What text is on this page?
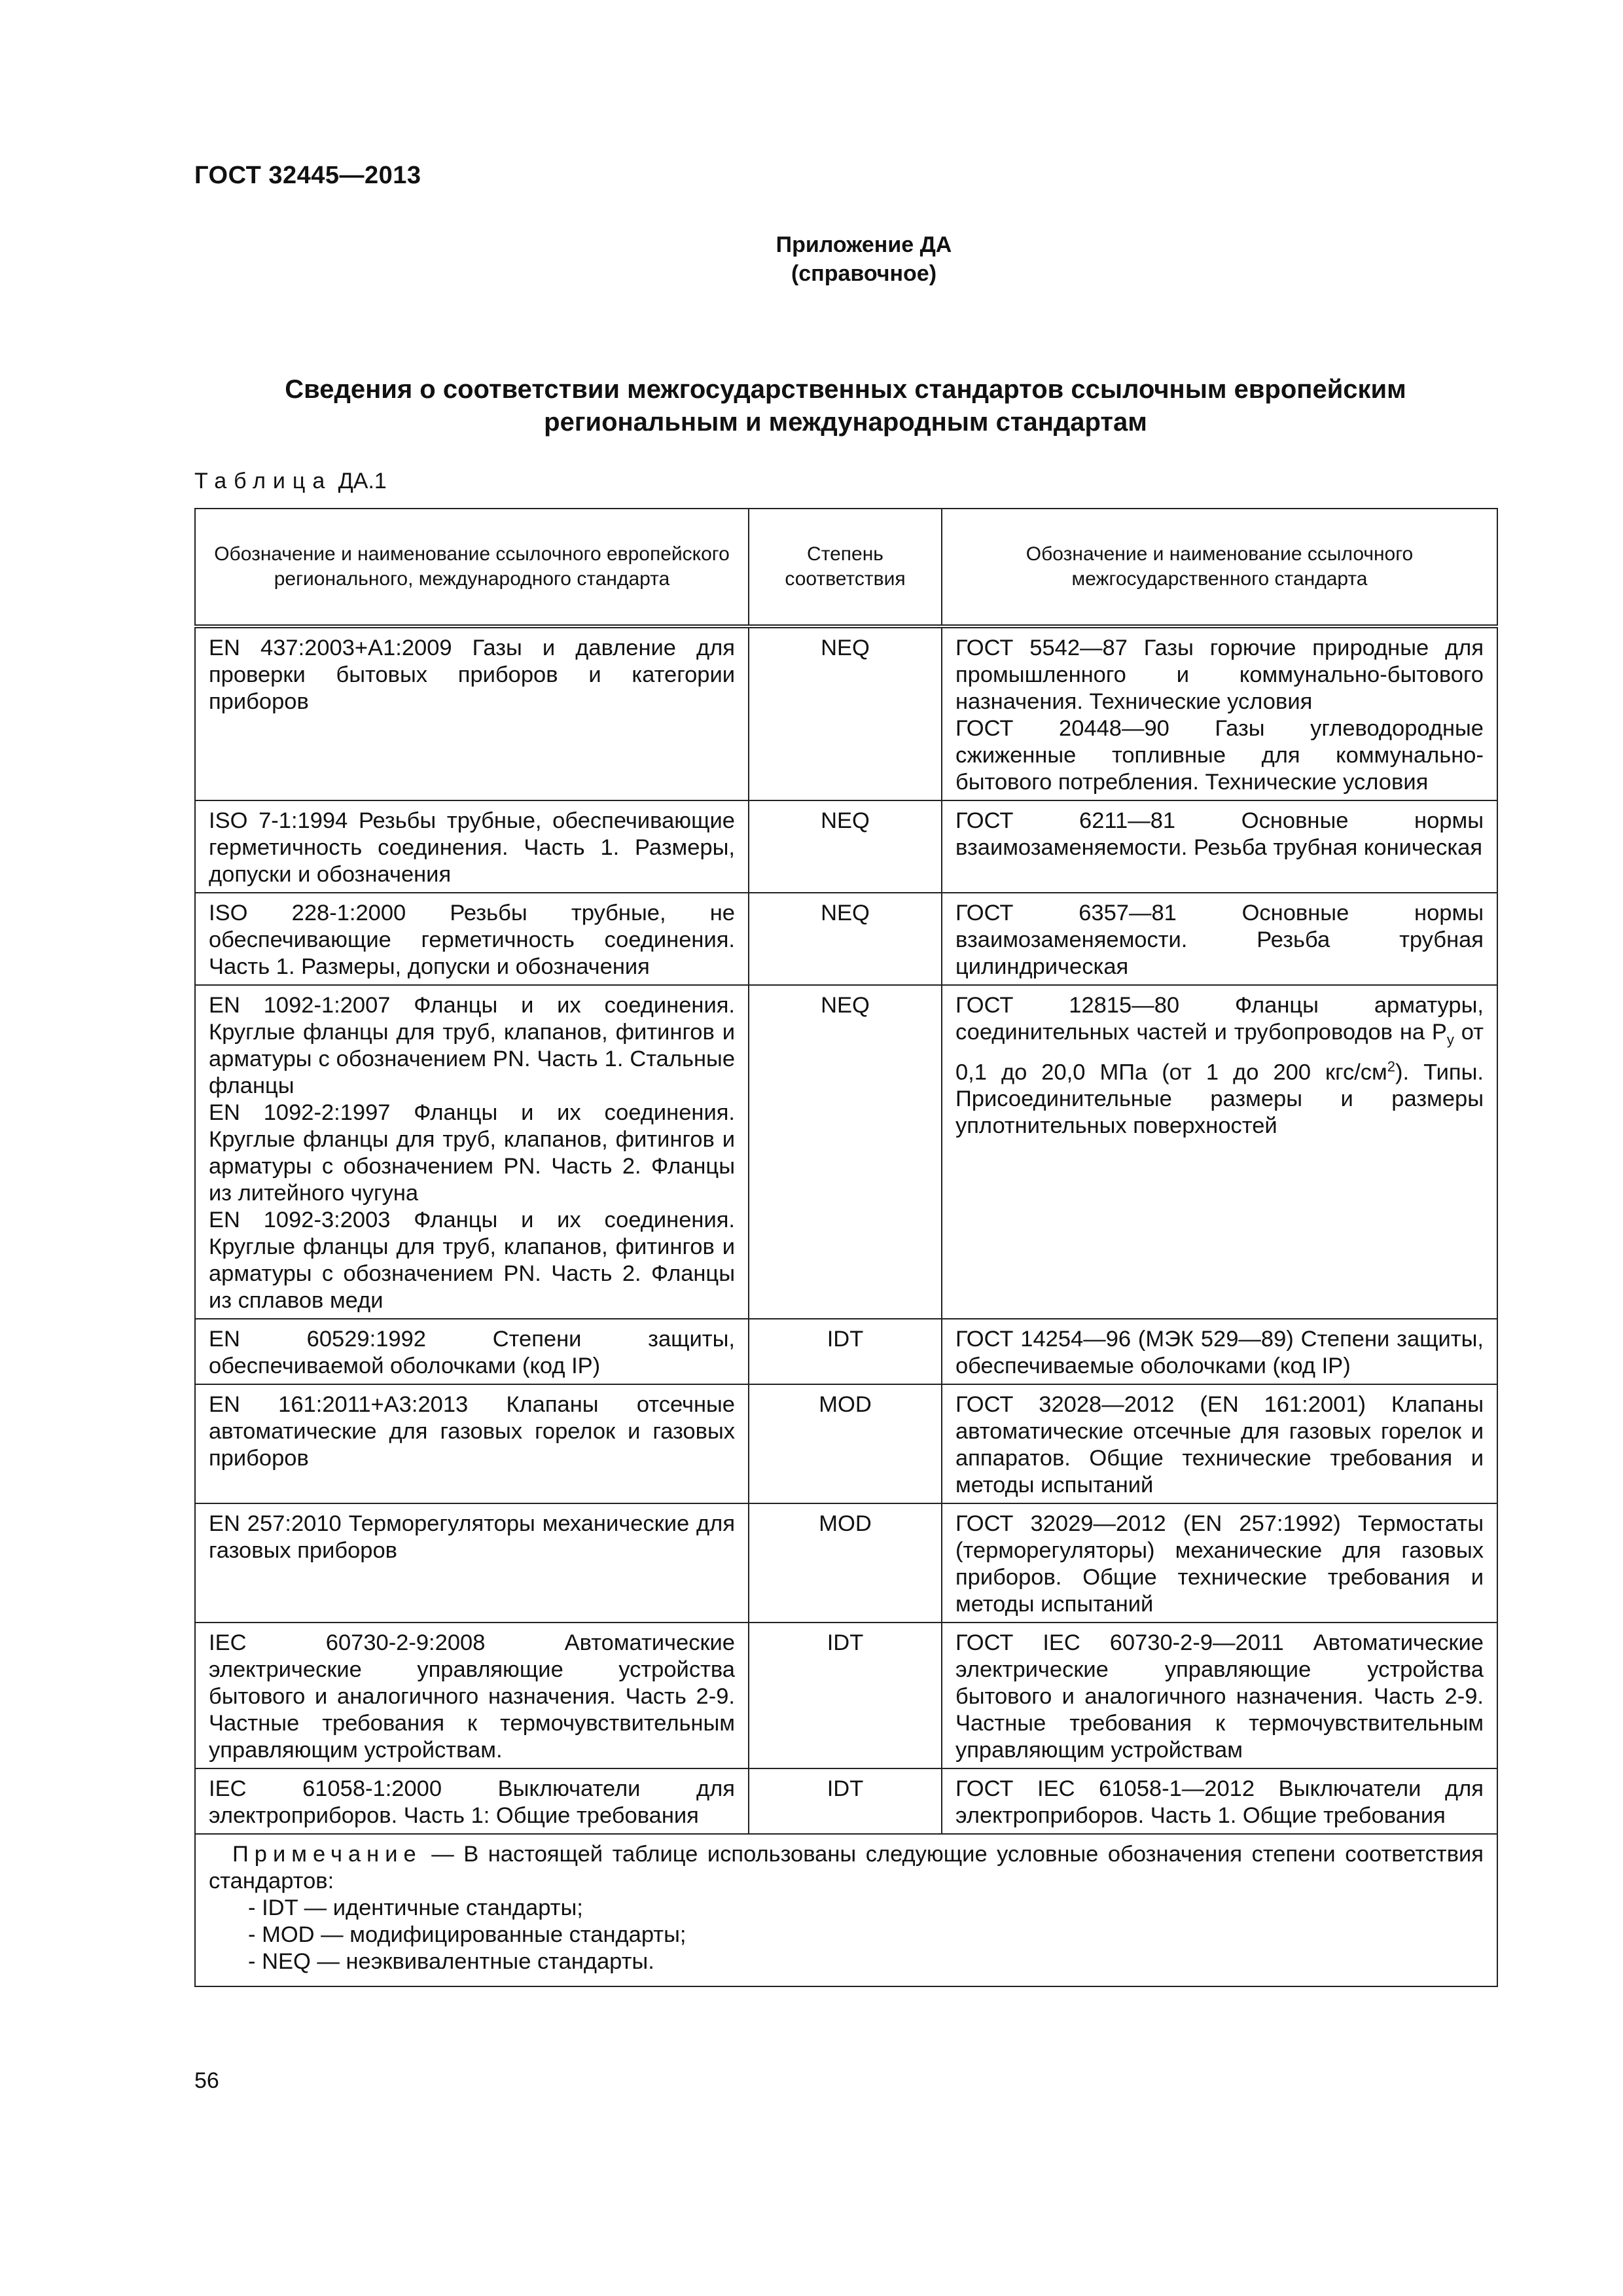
ГОСТ 32445—2013
Приложение ДА
(справочное)
Сведения о соответствии межгосударственных стандартов ссылочным европейским
региональным и международным стандартам
Таблица ДА.1
Обозначение и наименование ссылочного европейского регионального, международного стандарта	Степень соответствия	Обозначение и наименование ссылочного межгосударственного стандарта

EN 437:2003+A1:2009 Газы и давление для проверки бытовых приборов и категории приборов	NEQ	ГОСТ 5542—87 Газы горючие природные для промышленного и коммунально-бытового назначения. Технические условия
ГОСТ 20448—90 Газы углеводородные сжиженные топливные для коммунально-бытового потребления. Технические условия

ISO 7-1:1994 Резьбы трубные, обеспечивающие герметичность соединения. Часть 1. Размеры, допуски и обозначения	NEQ	ГОСТ 6211—81 Основные нормы взаимозаменяемости. Резьба трубная коническая

ISO 228-1:2000 Резьбы трубные, не обеспечивающие герметичность соединения. Часть 1. Размеры, допуски и обозначения	NEQ	ГОСТ 6357—81 Основные нормы взаимозаменяемости. Резьба трубная цилиндрическая

EN 1092-1:2007 Фланцы и их соединения. Круглые фланцы для труб, клапанов, фитингов и арматуры с обозначением PN. Часть 1. Стальные фланцы
EN 1092-2:1997 Фланцы и их соединения. Круглые фланцы для труб, клапанов, фитингов и арматуры с обозначением PN. Часть 2. Фланцы из литейного чугуна
EN 1092-3:2003 Фланцы и их соединения. Круглые фланцы для труб, клапанов, фитингов и арматуры с обозначением PN. Часть 2. Фланцы из сплавов меди	NEQ	ГОСТ 12815—80 Фланцы арматуры, соединительных частей и трубопроводов на $P_у$ от 0,1 до 20,0 МПа (от 1 до 200 кгс/$см^2$). Типы. Присоединительные размеры и размеры уплотнительных поверхностей

EN 60529:1992 Степени защиты, обеспечиваемой оболочками (код IP)	IDT	ГОСТ 14254—96 (МЭК 529—89) Степени защиты, обеспечиваемые оболочками (код IP)

EN 161:2011+A3:2013 Клапаны отсечные автоматические для газовых горелок и газовых приборов	MOD	ГОСТ 32028—2012 (EN 161:2001) Клапаны автоматические отсечные для газовых горелок и аппаратов. Общие технические требования и методы испытаний

EN 257:2010 Терморегуляторы механические для газовых приборов	MOD	ГОСТ 32029—2012 (EN 257:1992) Термостаты (терморегуляторы) механические для газовых приборов. Общие технические требования и методы испытаний

IEC 60730-2-9:2008 Автоматические электрические управляющие устройства бытового и аналогичного назначения. Часть 2-9. Частные требования к термочувствительным управляющим устройствам.	IDT	ГОСТ IEC 60730-2-9—2011 Автоматические электрические управляющие устройства бытового и аналогичного назначения. Часть 2-9. Частные требования к термочувствительным управляющим устройствам

IEC 61058-1:2000 Выключатели для электроприборов. Часть 1: Общие требования	IDT	ГОСТ IEC 61058-1—2012 Выключатели для электроприборов. Часть 1. Общие требования

Примечание — В настоящей таблице использованы следующие условные обозначения степени соответствия стандартов:
- IDT — идентичные стандарты;
- MOD — модифицированные стандарты;
- NEQ — неэквивалентные стандарты.		
56
